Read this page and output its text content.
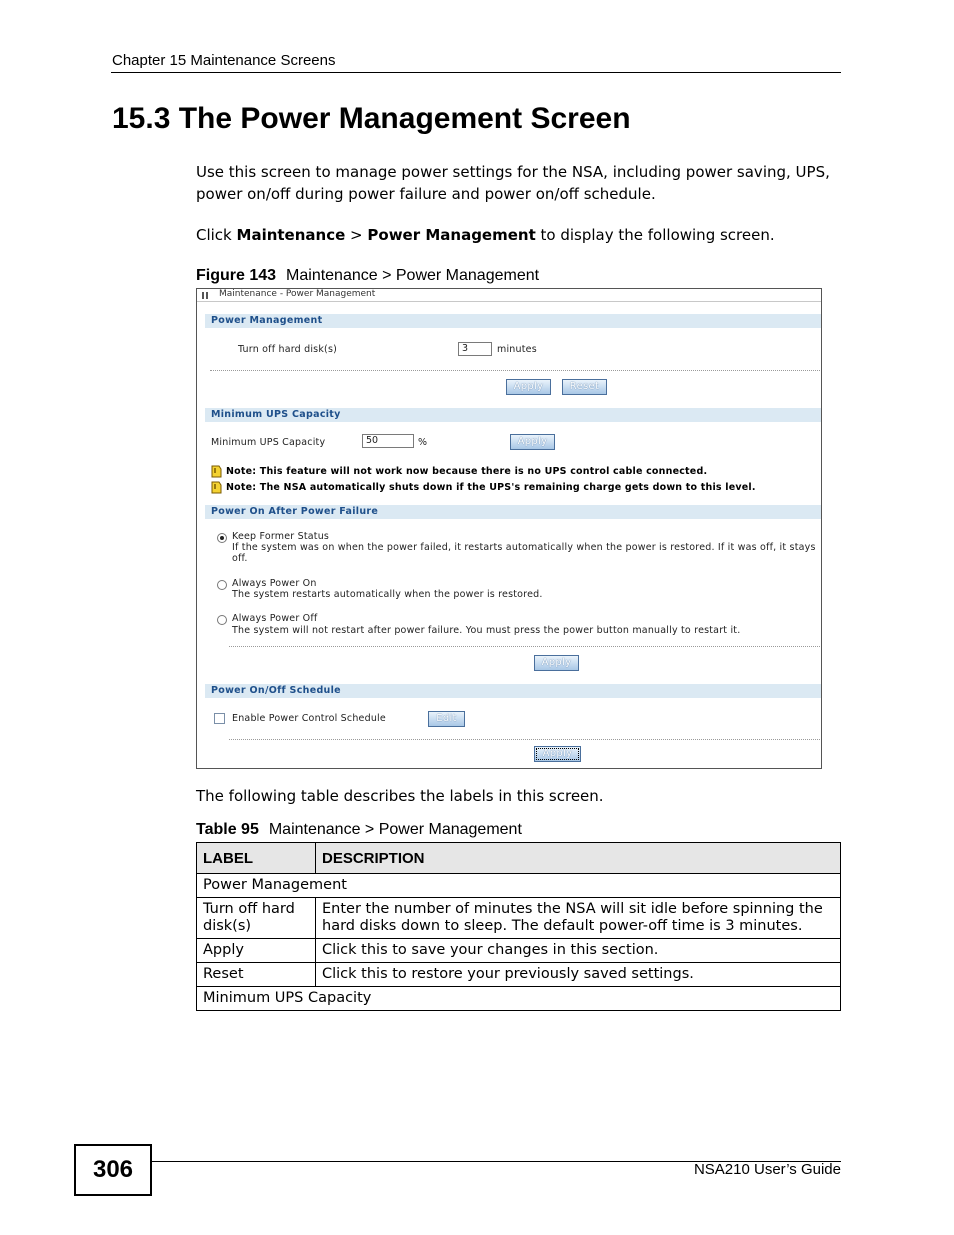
Chapter 15 Maintenance Screens
15.3 The Power Management Screen
Use this screen to manage power settings for the NSA, including power saving, UPS, power on/off during power failure and power on/off schedule.
Click Maintenance > Power Management to display the following screen.
Figure 143 Maintenance > Power Management
Maintenance - Power Management
Power Management
Turn off hard disk(s)	3	minutes
Apply	Reset
Minimum UPS Capacity
Minimum UPS Capacity	50	%	Apply
Note: This feature will not work now because there is no UPS control cable connected.
Note: The NSA automatically shuts down if the UPS's remaining charge gets down to this level.
Power On After Power Failure
Keep Former Status
If the system was on when the power failed, it restarts automatically when the power is restored. If it was off, it stays off.
Always Power On
The system restarts automatically when the power is restored.
Always Power Off
The system will not restart after power failure. You must press the power button manually to restart it.
Apply
Power On/Off Schedule
Enable Power Control Schedule	Edit
Apply
The following table describes the labels in this screen.
Table 95 Maintenance > Power Management
LABEL	DESCRIPTION
Power Management	
Turn off hard disk(s)	Enter the number of minutes the NSA will sit idle before spinning the hard disks down to sleep. The default power-off time is 3 minutes.
Apply	Click this to save your changes in this section.
Reset	Click this to restore your previously saved settings.
Minimum UPS Capacity	
306	NSA210 User’s Guide
